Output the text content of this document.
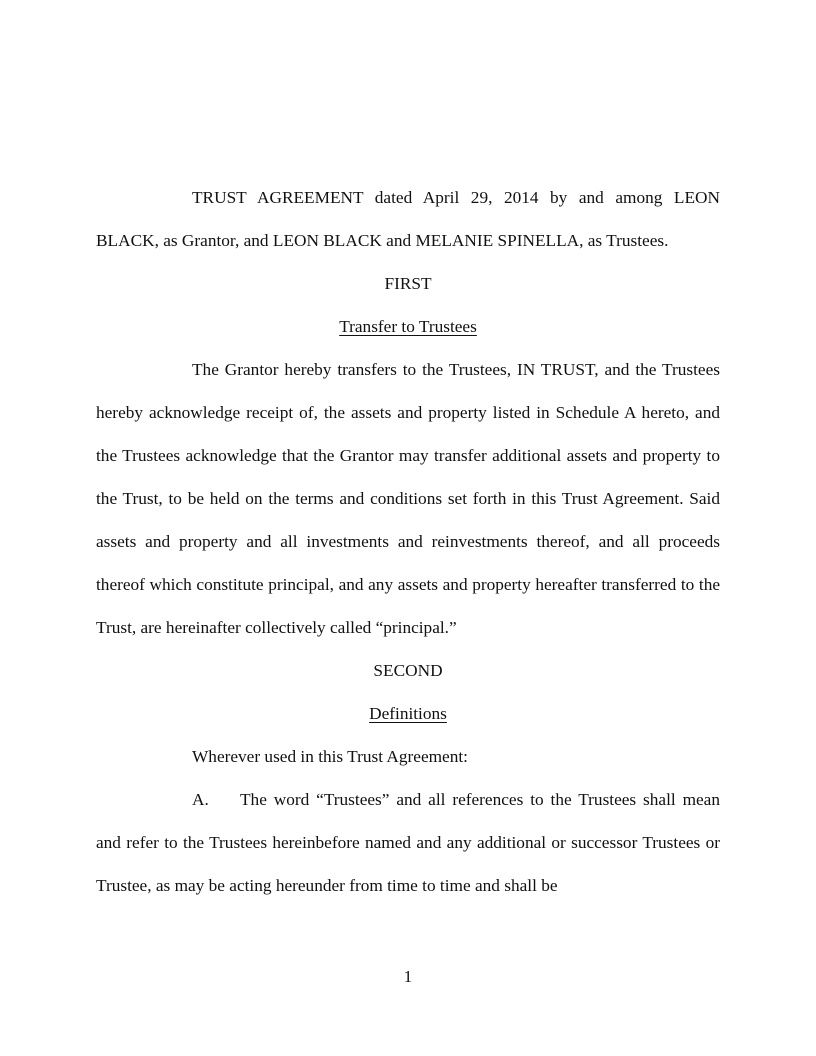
TRUST AGREEMENT dated April 29, 2014 by and among LEON BLACK, as Grantor, and LEON BLACK and MELANIE SPINELLA, as Trustees.

FIRST

Transfer to Trustees

The Grantor hereby transfers to the Trustees, IN TRUST, and the Trustees hereby acknowledge receipt of, the assets and property listed in Schedule A hereto, and the Trustees acknowledge that the Grantor may transfer additional assets and property to the Trust, to be held on the terms and conditions set forth in this Trust Agreement. Said assets and property and all investments and reinvestments thereof, and all proceeds thereof which constitute principal, and any assets and property hereafter transferred to the Trust, are hereinafter collectively called “principal.”

SECOND

Definitions

Wherever used in this Trust Agreement:

A. The word “Trustees” and all references to the Trustees shall mean and refer to the Trustees hereinbefore named and any additional or successor Trustees or Trustee, as may be acting hereunder from time to time and shall be

1
